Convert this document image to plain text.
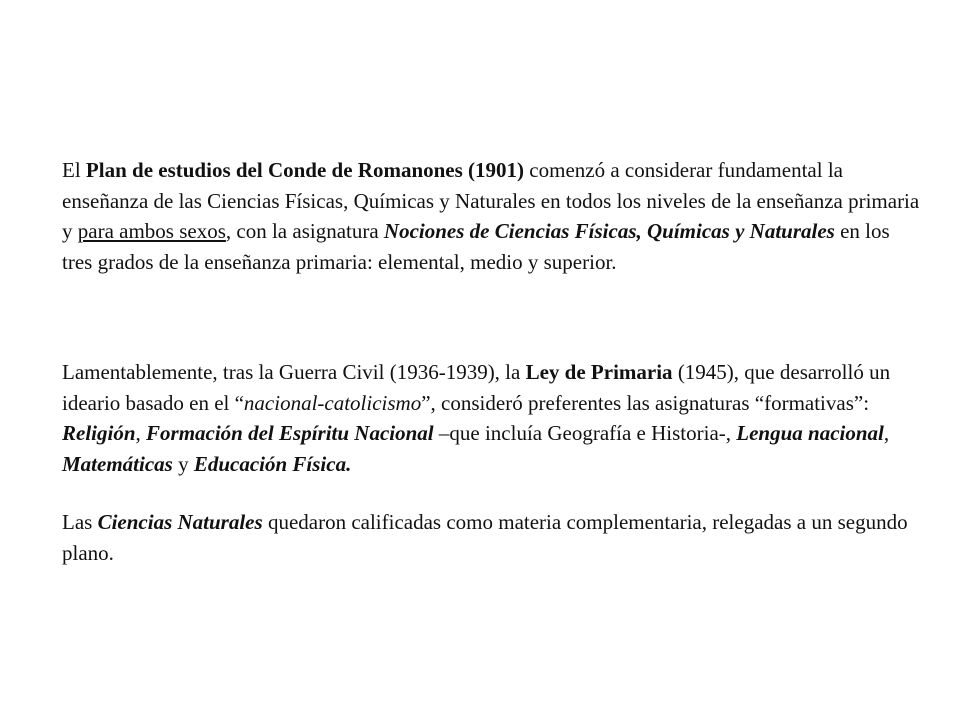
El Plan de estudios del Conde de Romanones (1901) comenzó a considerar fundamental la enseñanza de las Ciencias Físicas, Químicas y Naturales en todos los niveles de la enseñanza primaria y para ambos sexos, con la asignatura Nociones de Ciencias Físicas, Químicas y Naturales en los tres grados de la enseñanza primaria: elemental, medio y superior.

Lamentablemente, tras la Guerra Civil (1936-1939), la Ley de Primaria (1945), que desarrolló un ideario basado en el “nacional-catolicismo”, consideró preferentes las asignaturas “formativas”: Religión, Formación del Espíritu Nacional –que incluía Geografía e Historia-, Lengua nacional, Matemáticas y Educación Física.

Las Ciencias Naturales quedaron calificadas como materia complementaria, relegadas a un segundo plano.
